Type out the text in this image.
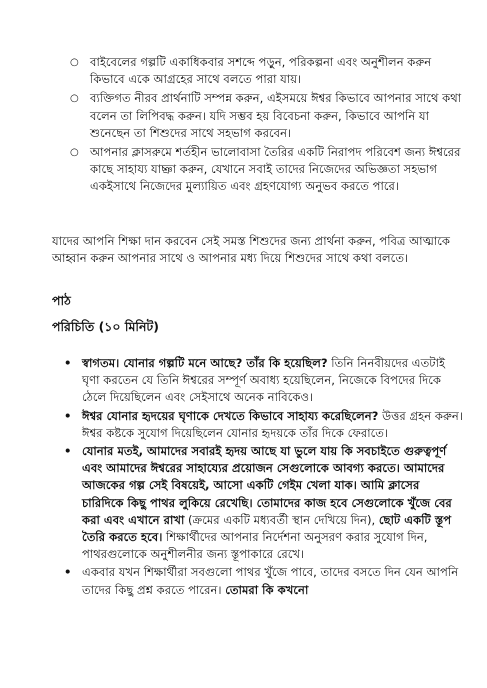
○ বাইবেলের গল্পটি একাধিকবার সশব্দে পড়ুন, পরিকল্পনা এবং অনুশীলন করুন কিভাবে একে আগ্রহের সাথে বলতে পারা যায়।
○ ব্যক্তিগত নীরব প্রার্থনাটি সম্পন্ন করুন, এইসময়ে ঈশ্বর কিভাবে আপনার সাথে কথা বলেন তা লিপিবদ্ধ করুন। যদি সম্ভব হয় বিবেচনা করুন, কিভাবে আপনি যা শুনেছেন তা শিশুদের সাথে সহভাগ করবেন।
○ আপনার ক্লাসরুমে শর্তহীন ভালোবাসা তৈরির একটি নিরাপদ পরিবেশ জন্য ঈশ্বরের কাছে সাহায্য যাচ্ঞা করুন, যেখানে সবাই তাদের নিজেদের অভিজ্ঞতা সহভাগ একইসাথে নিজেদের মুল্যায়িত এবং গ্রহণযোগ্য অনুভব করতে পারে।

যাদের আপনি শিক্ষা দান করবেন সেই সমস্ত শিশুদের জন্য প্রার্থনা করুন, পবিত্র আত্মাকে আহ্বান করুন আপনার সাথে ও আপনার মধ্য দিয়ে শিশুদের সাথে কথা বলতে।

পাঠ

পরিচিতি (১০ মিনিট)

• স্বাগতম। যোনার গল্পটি মনে আছে? তাঁর কি হয়েছিল? তিনি নিনবীয়দের এতটাই ঘৃণা করতেন যে তিনি ঈশ্বরের সম্পূর্ণ অবাধ্য হয়েছিলেন, নিজেকে বিপদের দিকে ঠেলে দিয়েছিলেন এবং সেইসাথে অনেক নাবিকেও।
• ঈশ্বর যোনার হৃদয়ের ঘৃণাকে দেখতে কিভাবে সাহায্য করেছিলেন? উত্তর গ্রহন করুন। ঈশ্বর কষ্টকে সুযোগ দিয়েছিলেন যোনার হৃদয়কে তাঁর দিকে ফেরাতে।
• যোনার মতই, আমাদের সবারই হৃদয় আছে যা ভুলে যায় কি সবচাইতে গুরুত্বপূর্ণ এবং আমাদের ঈশ্বরের সাহায্যের প্রয়োজন সেগুলোকে আবগ্য করতে। আমাদের আজকের গল্প সেই বিষয়েই, আসো একটি গেইম খেলা যাক। আমি ক্লাসের চারিদিকে কিছু পাথর লুকিয়ে রেখেছি। তোমাদের কাজ হবে সেগুলোকে খুঁজে বের করা এবং এখানে রাখা (ক্রমের একটি মধ্যবর্তী স্থান দেখিয়ে দিন), ছোট একটি স্তূপ তৈরি করতে হবে। শিক্ষার্থীদের আপনার নির্দেশনা অনুসরণ করার সুযোগ দিন, পাথরগুলোকে অনুশীলনীর জন্য স্তূপাকারে রেখে।
• একবার যখন শিক্ষার্থীরা সবগুলো পাথর খুঁজে পাবে, তাদের বসতে দিন যেন আপনি তাদের কিছু প্রশ্ন করতে পারেন। তোমরা কি কখনো
